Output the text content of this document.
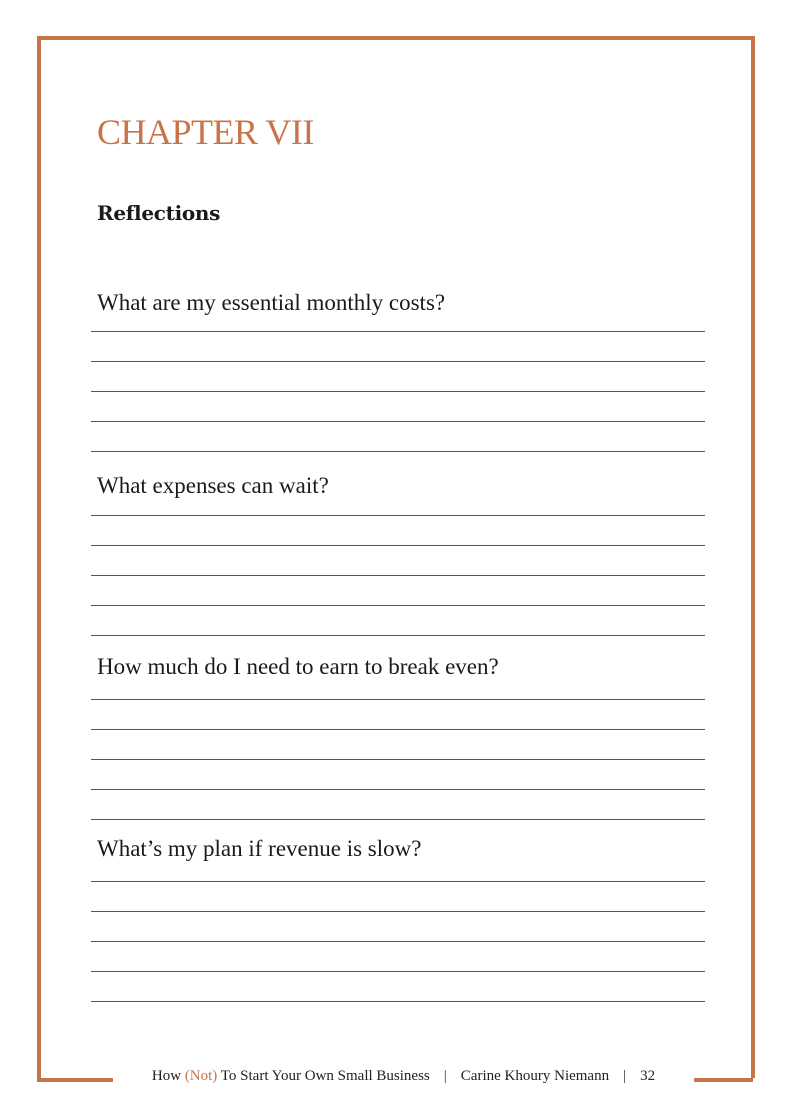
CHAPTER VII
Reflections

What are my essential monthly costs?

What expenses can wait?

How much do I need to earn to break even?

What’s my plan if revenue is slow?

How (Not) To Start Your Own Small Business | Carine Khoury Niemann | 32
